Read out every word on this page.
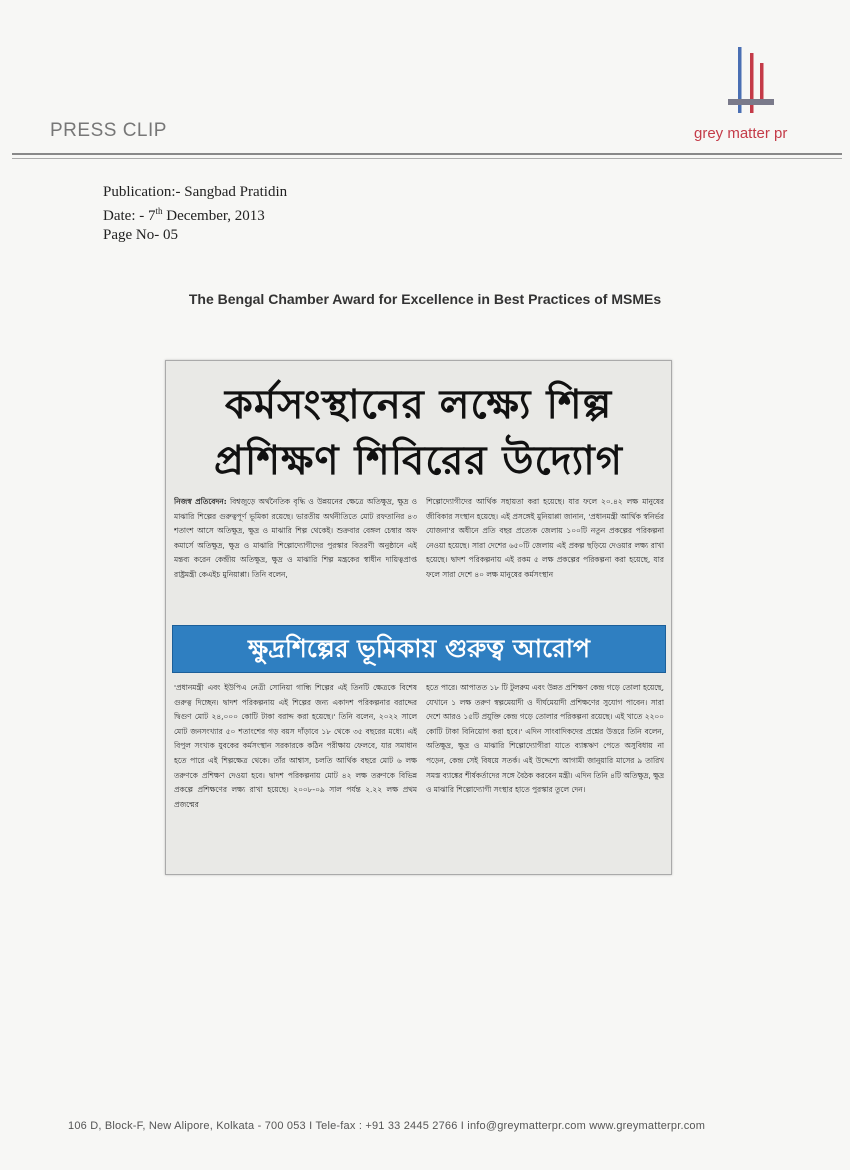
PRESS CLIP	grey matter pr
Publication:- Sangbad Pratidin
Date: - 7th December, 2013
Page No- 05
The Bengal Chamber Award for Excellence in Best Practices of MSMEs
কর্মসংস্থানের লক্ষ্যে শিল্প
প্রশিক্ষণ শিবিরের উদ্যোগ

নিজস্ব প্রতিবেদন: বিশ্বজুড়ে অর্থনৈতিক বৃদ্ধি ও উন্নয়নের ক্ষেত্রে অতিক্ষুদ্র, ক্ষুদ্র ও মাঝারি শিল্পের গুরুত্বপূর্ণ ভূমিকা রয়েছে। ভারতীয় অর্থনীতিতে মোট রফতানির ৪৩ শতাংশ আসে অতিক্ষুদ্র, ক্ষুদ্র ও মাঝারি শিল্প থেকেই। শুক্রবার বেঙ্গল চেম্বার অফ কমার্সে অতিক্ষুদ্র, ক্ষুদ্র ও মাঝারি শিল্পোদ্যোগীদের পুরস্কার বিতরণী অনুষ্ঠানে এই মন্তব্য করেন কেন্দ্রীয় অতিক্ষুদ্র, ক্ষুদ্র ও মাঝারি শিল্প মন্ত্রকের স্বাধীন দায়িত্বপ্রাপ্ত রাষ্ট্রমন্ত্রী কেএইচ মুনিয়াপ্পা। তিনি বলেন,

শিল্পোদ্যোগীদের আর্থিক সহায়তা করা হয়েছে। যার ফলে ২০.৪২ লক্ষ মানুষের জীবিকার সংস্থান হয়েছে। এই প্রসঙ্গেই মুনিয়াপ্পা জানান, 'প্রধানমন্ত্রী আর্থিক স্বনির্ভর যোজনা'র অধীনে প্রতি বছর প্রত্যেক জেলায় ১০০টি নতুন প্রকল্পের পরিকল্পনা নেওয়া হয়েছে। সারা দেশের ৬৫০টি জেলায় এই প্রকল্প ছড়িয়ে দেওয়ার লক্ষ্য রাখা হয়েছে। দ্বাদশ পরিকল্পনায় এই রকম ৫ লক্ষ প্রকল্পের পরিকল্পনা করা হয়েছে, যার ফলে সারা দেশে ৪০ লক্ষ মানুষের কর্মসংস্থান

ক্ষুদ্রশিল্পের ভূমিকায় গুরুত্ব আরোপ

'প্রধানমন্ত্রী এবং ইউপিএ নেত্রী সোনিয়া গান্ধি শিল্পের এই তিনটি ক্ষেত্রকে বিশেষ গুরুত্ব দিচ্ছেন। দ্বাদশ পরিকল্পনায় এই শিল্পের জন্য একাদশ পরিকল্পনার বরাদ্দের দ্বিগুণ মোট ২৪,০০০ কোটি টাকা বরাদ্দ করা হয়েছে।' তিনি বলেন, ২০২২ সালে মোট জনসংখ্যার ৫০ শতাংশের গড় বয়স দাঁড়াবে ১৮ থেকে ৩৫ বছরের মধ্যে। এই বিপুল সংখ্যক যুবকের কর্মসংস্থান সরকারকে কঠিন পরীক্ষায় ফেলবে, যার সমাধান হতে পারে এই শিল্পক্ষেত্র থেকে। তাঁর আশ্বাস, চলতি আর্থিক বছরে মোট ৬ লক্ষ তরুণকে প্রশিক্ষণ দেওয়া হবে। দ্বাদশ পরিকল্পনায় মোট ৪২ লক্ষ তরুণকে বিভিন্ন প্রকল্পে প্রশিক্ষণের লক্ষ্য রাখা হয়েছে। ২০০৮-০৯ সাল পর্যন্ত ২.২২ লক্ষ প্রথম প্রজন্মের

হতে পারে। আপাতত ১৮ টি টুলরুম এবং উন্নত প্রশিক্ষণ কেন্দ্র গড়ে তোলা হয়েছে, যেখানে ১ লক্ষ তরুণ স্বল্পমেয়াদী ও দীর্ঘমেয়াদী প্রশিক্ষণের সুযোগ পাবেন। সারা দেশে আরও ১৫টি প্রযুক্তি কেন্দ্র গড়ে তোলার পরিকল্পনা রয়েছে। এই খাতে ২২০০ কোটি টাকা বিনিয়োগ করা হবে।' এদিন সাংবাদিকদের প্রশ্নের উত্তরে তিনি বলেন, অতিক্ষুদ্র, ক্ষুদ্র ও মাঝারি শিল্পোদ্যোগীরা যাতে ব্যাঙ্কঋণ পেতে অসুবিধায় না পড়েন, কেন্দ্র সেই বিষয়ে সতর্ক। এই উদ্দেশ্যে আগামী জানুয়ারি মাসের ৯ তারিখ সমস্ত ব্যাঙ্কের শীর্ষকর্তাদের সঙ্গে বৈঠক করবেন মন্ত্রী। এদিন তিনি ৪টি অতিক্ষুদ্র, ক্ষুদ্র ও মাঝারি শিল্পোদ্যোগী সংস্থার হাতে পুরস্কার তুলে দেন।

106 D, Block-F, New Alipore, Kolkata - 700 053 I Tele-fax : +91 33 2445 2766 I info@greymatterpr.com www.greymatterpr.com
